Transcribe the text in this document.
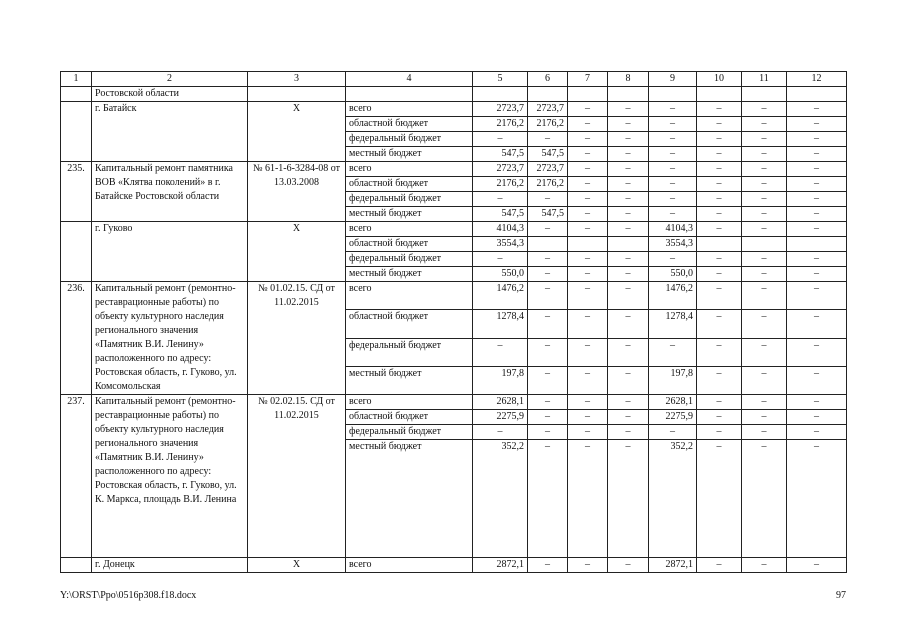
1	2	3	4	5	6	7	8	9	10	11	12
	Ростовской области										
	г. Батайск	Х	всего	2723,7	2723,7	–	–	–	–	–	–
			областной бюджет	2176,2	2176,2	–	–	–	–	–	–
			федеральный бюджет	–	–	–	–	–	–	–	–
			местный бюджет	547,5	547,5	–	–	–	–	–	–
235.	Капитальный ремонт памятника ВОВ «Клятва поколений» в г. Батайске Ростовской области	№ 61-1-6-3284-08 от 13.03.2008	всего	2723,7	2723,7	–	–	–	–	–	–
			областной бюджет	2176,2	2176,2	–	–	–	–	–	–
			федеральный бюджет	–	–	–	–	–	–	–	–
			местный бюджет	547,5	547,5	–	–	–	–	–	–
	г. Гуково	Х	всего	4104,3	–	–	–	4104,3	–	–	–
			областной бюджет	3554,3				3554,3			
			федеральный бюджет	–	–	–	–	–	–	–	–
			местный бюджет	550,0	–	–	–	550,0	–	–	–
236.	Капитальный ремонт (ремонтно-реставрационные работы) по объекту культурного наследия регионального значения «Памятник В.И. Ленину» расположенного по адресу: Ростовская область, г. Гуково, ул. Комсомольская	№ 01.02.15. СД от 11.02.2015	всего	1476,2	–	–	–	1476,2	–	–	–
			областной бюджет	1278,4	–	–	–	1278,4	–	–	–
			федеральный бюджет	–	–	–	–	–	–	–	–
			местный бюджет	197,8	–	–	–	197,8	–	–	–
237.	Капитальный ремонт (ремонтно-реставрационные работы) по объекту культурного наследия регионального значения «Памятник В.И. Ленину» расположенного по адресу: Ростовская область, г. Гуково, ул. К. Маркса, площадь В.И. Ленина	№ 02.02.15. СД от 11.02.2015	всего	2628,1	–	–	–	2628,1	–	–	–
			областной бюджет	2275,9	–	–	–	2275,9	–	–	–
			федеральный бюджет	–	–	–	–	–	–	–	–
			местный бюджет	352,2	–	–	–	352,2	–	–	–
	г. Донецк	Х	всего	2872,1	–	–	–	2872,1	–	–	–
Y:\ORST\Ppo\0516p308.f18.docx	97
